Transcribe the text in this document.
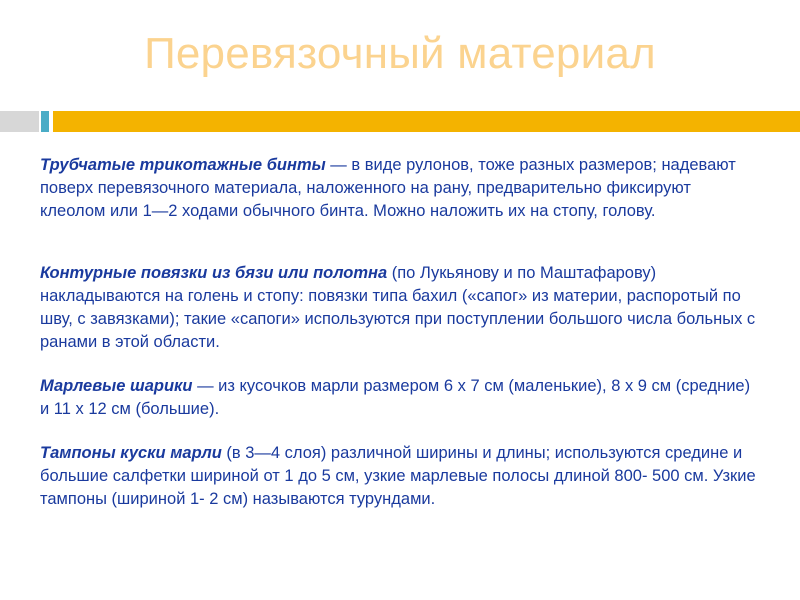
Перевязочный материал

Трубчатые трикотажные бинты — в виде рулонов, тоже разных размеров; надевают поверх перевязочного материала, наложенного на рану, предварительно фиксируют клеолом или 1—2 ходами обычного бинта. Можно наложить их на стопу, голову.

Контурные повязки из бязи или полотна (по Лукьянову и по Маштафарову) накладываются на голень и стопу: повязки типа бахил («сапог» из материи, распоротый по шву, с завязками); такие «сапоги» используются при поступлении большого числа больных с ранами в этой области.

Марлевые шарики — из кусочков марли размером 6 х 7 см (маленькие), 8 х 9 см (средние) и 11 х 12 см (большие).

Тампоны куски марли (в 3—4 слоя) различной ширины и длины; используются средине и большие салфетки шириной от 1 до 5 см, узкие марлевые полосы длиной 800- 500 см. Узкие тампоны (шириной 1- 2 см) называются турундами.
